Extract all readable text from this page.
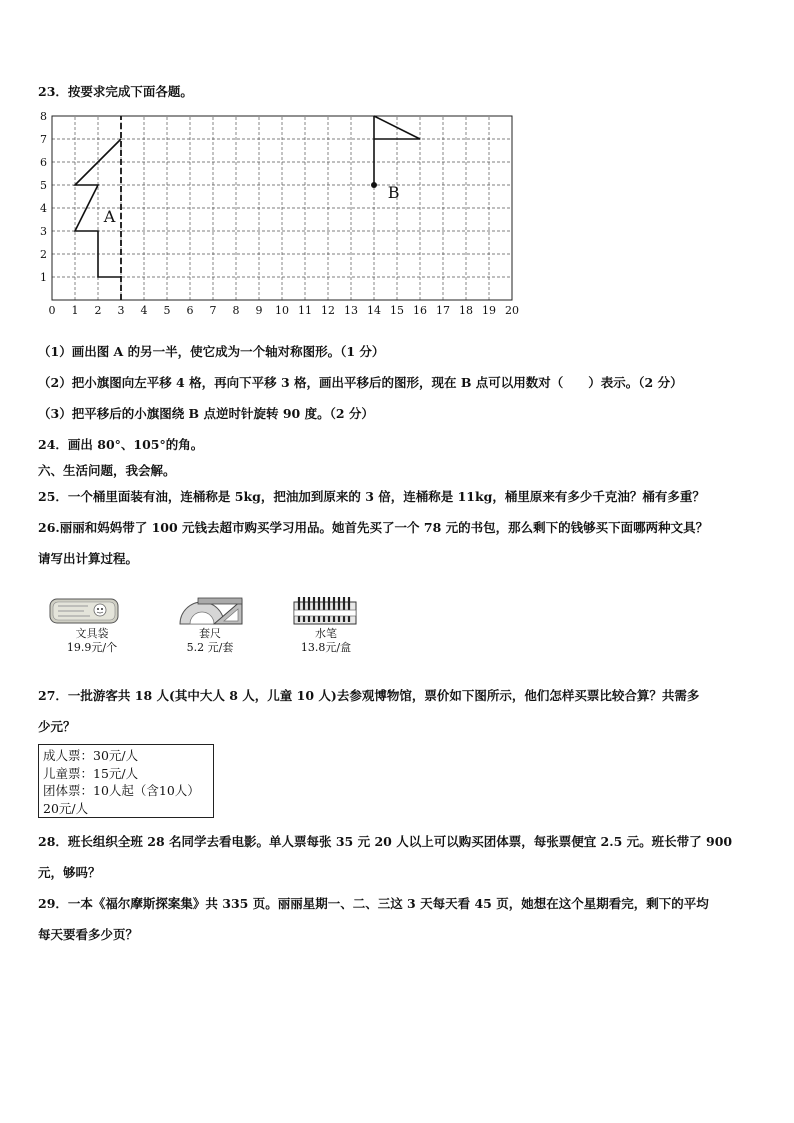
23．按要求完成下面各题。
0 1 2 3 4 5 6 7 8 9 10 11 12 13 14 15 16 17 18 19 20
1
2
3
4
5
6
7
8
A
B
（1）画出图 A 的另一半，使它成为一个轴对称图形。（1 分）
（2）把小旗图向左平移 4 格，再向下平移 3 格，画出平移后的图形，现在 B 点可以用数对（　　）表示。（2 分）
（3）把平移后的小旗图绕 B 点逆时针旋转 90 度。（2 分）
24．画出 80°、105°的角。
六、生活问题，我会解。
25．一个桶里面装有油，连桶称是 5kg，把油加到原来的 3 倍，连桶称是 11kg，桶里原来有多少千克油？桶有多重？
26.丽丽和妈妈带了 100 元钱去超市购买学习用品。她首先买了一个 78 元的书包，那么剩下的钱够买下面哪两种文具？
请写出计算过程。
文具袋
19.9元/个
套尺
5.2 元/套
水笔
13.8元/盒
27．一批游客共 18 人(其中大人 8 人，儿童 10 人)去参观博物馆，票价如下图所示，他们怎样买票比较合算？共需多
少元？
成人票：30元/人
儿童票：15元/人
团体票：10人起（含10人）
20元/人
28．班长组织全班 28 名同学去看电影。单人票每张 35 元 20 人以上可以购买团体票，每张票便宜 2.5 元。班长带了 900
元，够吗？
29．一本《福尔摩斯探案集》共 335 页。丽丽星期一、二、三这 3 天每天看 45 页，她想在这个星期看完，剩下的平均
每天要看多少页？
